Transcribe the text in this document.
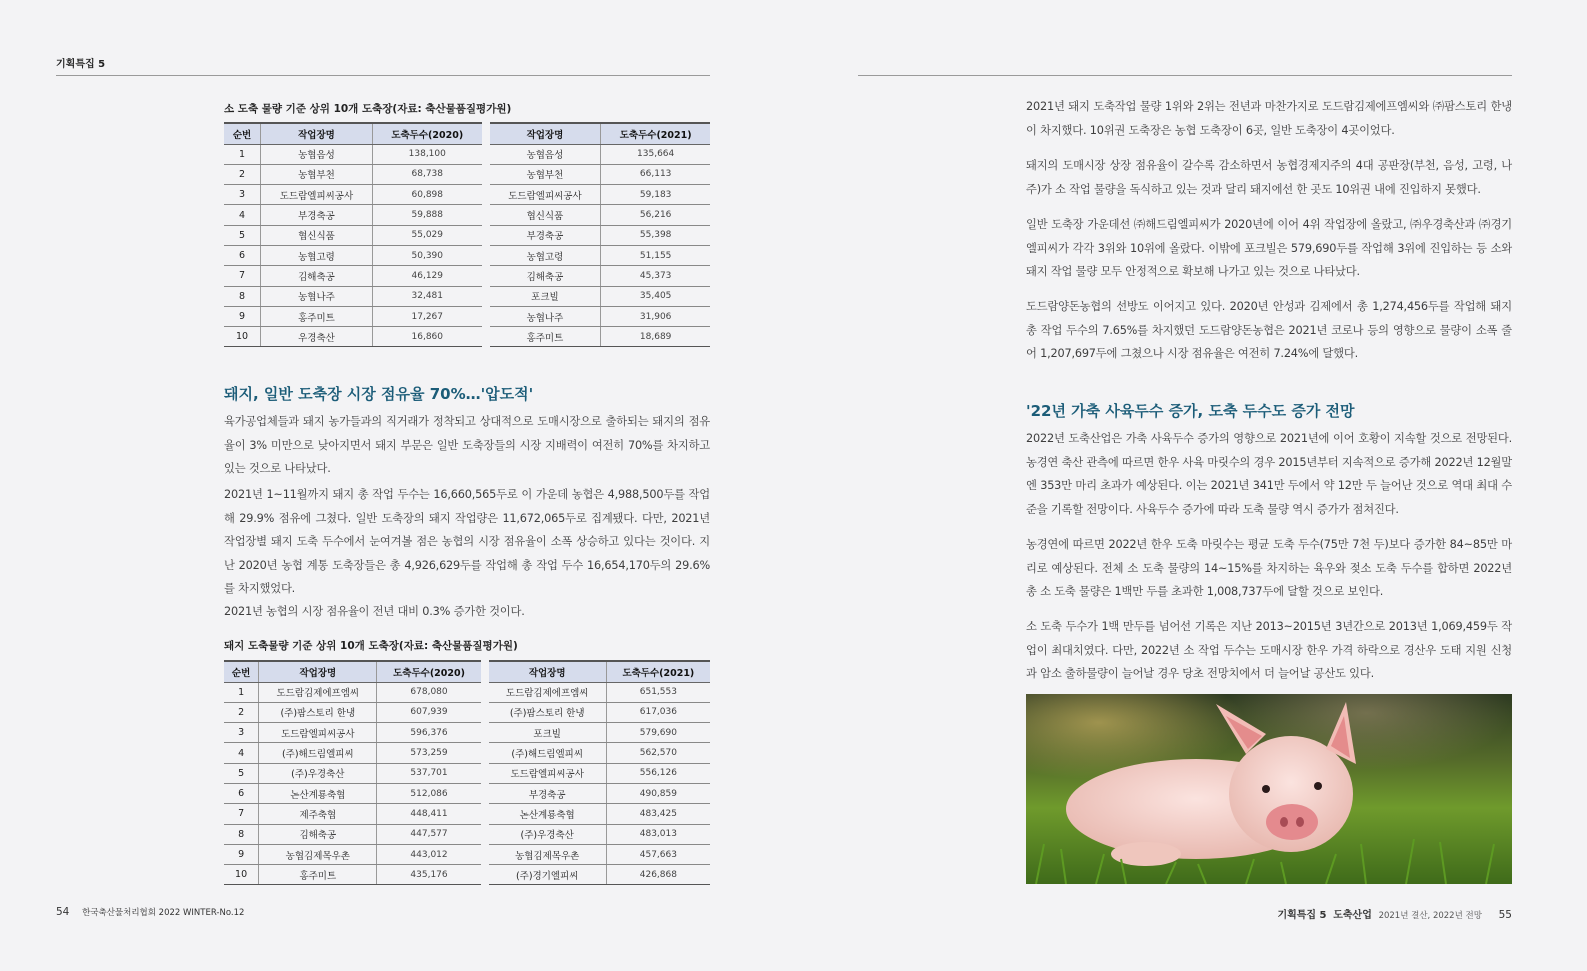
기획특집 5
소 도축 물량 기준 상위 10개 도축장(자료: 축산물품질평가원)
순번	작업장명	도축두수(2020)		작업장명	도축두수(2021)
1	농협음성	138,100		농협음성	135,664
2	농협부천	68,738		농협부천	66,113
3	도드람엘피씨공사	60,898		도드람엘피씨공사	59,183
4	부경축공	59,888		협신식품	56,216
5	협신식품	55,029		부경축공	55,398
6	농협고령	50,390		농협고령	51,155
7	김해축공	46,129		김해축공	45,373
8	농협나주	32,481		포크빌	35,405
9	홍주미트	17,267		농협나주	31,906
10	우경축산	16,860		홍주미트	18,689
돼지, 일반 도축장 시장 점유율 70%…'압도적'
육가공업체들과 돼지 농가들과의 직거래가 정착되고 상대적으로 도매시장으로 출하되는 돼지의 점유율이 3% 미만으로 낮아지면서 돼지 부문은 일반 도축장들의 시장 지배력이 여전히 70%를 차지하고 있는 것으로 나타났다.
2021년 1~11월까지 돼지 총 작업 두수는 16,660,565두로 이 가운데 농협은 4,988,500두를 작업해 29.9% 점유에 그쳤다. 일반 도축장의 돼지 작업량은 11,672,065두로 집계됐다. 다만, 2021년 작업장별 돼지 도축 두수에서 눈여겨볼 점은 농협의 시장 점유율이 소폭 상승하고 있다는 것이다. 지난 2020년 농협 계통 도축장들은 총 4,926,629두를 작업해 총 작업 두수 16,654,170두의 29.6%를 차지했었다.
2021년 농협의 시장 점유율이 전년 대비 0.3% 증가한 것이다.
돼지 도축물량 기준 상위 10개 도축장(자료: 축산물품질평가원)
순번	작업장명	도축두수(2020)		작업장명	도축두수(2021)
1	도드람김제에프엠씨	678,080		도드람김제에프엠씨	651,553
2	(주)팜스토리 한냉	607,939		(주)팜스토리 한냉	617,036
3	도드람엘피씨공사	596,376		포크빌	579,690
4	(주)해드림엘피씨	573,259		(주)해드림엘피씨	562,570
5	(주)우경축산	537,701		도드람엘피씨공사	556,126
6	논산계룡축협	512,086		부경축공	490,859
7	제주축협	448,411		논산계룡축협	483,425
8	김해축공	447,577		(주)우경축산	483,013
9	농협김제목우촌	443,012		농협김제목우촌	457,663
10	홍주미트	435,176		(주)경기엘피씨	426,868
2021년 돼지 도축작업 물량 1위와 2위는 전년과 마찬가지로 도드람김제에프엠씨와 ㈜팜스토리 한냉이 차지했다. 10위권 도축장은 농협 도축장이 6곳, 일반 도축장이 4곳이었다.
돼지의 도매시장 상장 점유율이 갈수록 감소하면서 농협경제지주의 4대 공판장(부천, 음성, 고령, 나주)가 소 작업 물량을 독식하고 있는 것과 달리 돼지에선 한 곳도 10위권 내에 진입하지 못했다.
일반 도축장 가운데선 ㈜해드림엘피씨가 2020년에 이어 4위 작업장에 올랐고, ㈜우경축산과 ㈜경기엘피씨가 각각 3위와 10위에 올랐다. 이밖에 포크빌은 579,690두를 작업해 3위에 진입하는 등 소와 돼지 작업 물량 모두 안정적으로 확보해 나가고 있는 것으로 나타났다.
도드람양돈농협의 선방도 이어지고 있다. 2020년 안성과 김제에서 총 1,274,456두를 작업해 돼지 총 작업 두수의 7.65%를 차지했던 도드람양돈농협은 2021년 코로나 등의 영향으로 물량이 소폭 줄어 1,207,697두에 그쳤으나 시장 점유율은 여전히 7.24%에 달했다.
'22년 가축 사육두수 증가, 도축 두수도 증가 전망
2022년 도축산업은 가축 사육두수 증가의 영향으로 2021년에 이어 호황이 지속할 것으로 전망된다. 농경연 축산 관측에 따르면 한우 사육 마릿수의 경우 2015년부터 지속적으로 증가해 2022년 12월말엔 353만 마리 초과가 예상된다. 이는 2021년 341만 두에서 약 12만 두 늘어난 것으로 역대 최대 수준을 기록할 전망이다. 사육두수 증가에 따라 도축 물량 역시 증가가 점쳐진다.
농경연에 따르면 2022년 한우 도축 마릿수는 평균 도축 두수(75만 7천 두)보다 증가한 84~85만 마리로 예상된다. 전체 소 도축 물량의 14~15%를 차지하는 육우와 젖소 도축 두수를 합하면 2022년 총 소 도축 물량은 1백만 두를 초과한 1,008,737두에 달할 것으로 보인다.
소 도축 두수가 1백 만두를 넘어선 기록은 지난 2013~2015년 3년간으로 2013년 1,069,459두 작업이 최대치였다. 다만, 2022년 소 작업 두수는 도매시장 한우 가격 하락으로 경산우 도태 지원 신청과 암소 출하물량이 늘어날 경우 당초 전망치에서 더 늘어날 공산도 있다.
54 한국축산물처리협회 2022 WINTER-No.12	기획특집 5 도축산업 2021년 결산, 2022년 전망 55
